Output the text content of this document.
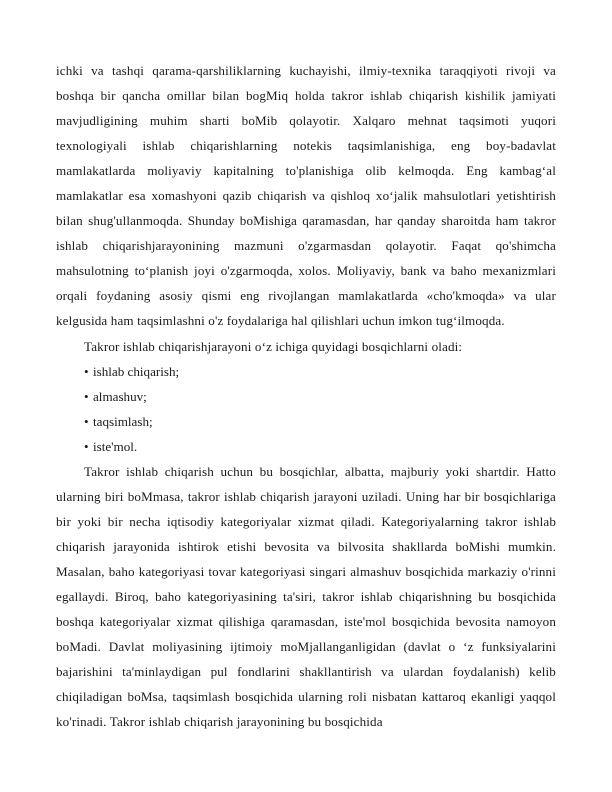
ichki va tashqi qarama-qarshiliklarning kuchayishi, ilmiy-texnika taraqqiyoti rivoji va boshqa bir qancha omillar bilan bogMiq holda takror ishlab chiqarish kishilik jamiyati mavjudligining muhim sharti boMib qolayotir. Xalqaro mehnat taqsimoti yuqori texnologiyali ishlab chiqarishlarning notekis taqsimlanishiga, eng boy-badavlat mamlakatlarda moliyaviy kapitalning to'planishiga olib kelmoqda. Eng kambagʻal mamlakatlar esa xomashyoni qazib chiqarish va qishloq xoʻjalik mahsulotlari yetishtirish bilan shug'ullanmoqda. Shunday boMishiga qaramasdan, har qanday sharoitda ham takror ishlab chiqarishjarayonining mazmuni o'zgarmasdan qolayotir. Faqat qo'shimcha mahsulotning toʻplanish joyi o'zgarmoqda, xolos. Moliyaviy, bank va baho mexanizmlari orqali foydaning asosiy qismi eng rivojlangan mamlakatlarda «cho'kmoqda» va ular kelgusida ham taqsimlashni o'z foydalariga hal qilishlari uchun imkon tugʻilmoqda.

Takror ishlab chiqarishjarayoni oʻz ichiga quyidagi bosqichlarni oladi:

• ishlab chiqarish;
• almashuv;
• taqsimlash;
• iste'mol.

Takror ishlab chiqarish uchun bu bosqichlar, albatta, majburiy yoki shartdir. Hatto ularning biri boMmasa, takror ishlab chiqarish jarayoni uziladi. Uning har bir bosqichlariga bir yoki bir necha iqtisodiy kategoriyalar xizmat qiladi. Kategoriyalarning takror ishlab chiqarish jarayonida ishtirok etishi bevosita va bilvosita shakllarda boMishi mumkin. Masalan, baho kategoriyasi tovar kategoriyasi singari almashuv bosqichida markaziy o'rinni egallaydi. Biroq, baho kategoriyasining ta'siri, takror ishlab chiqarishning bu bosqichida boshqa kategoriyalar xizmat qilishiga qaramasdan, iste'mol bosqichida bevosita namoyon boMadi. Davlat moliyasining ijtimoiy moMjallanganligidan (davlat o ʻz funksiyalarini bajarishini ta'minlaydigan pul fondlarini shakllantirish va ulardan foydalanish) kelib chiqiladigan boMsa, taqsimlash bosqichida ularning roli nisbatan kattaroq ekanligi yaqqol ko'rinadi. Takror ishlab chiqarish jarayonining bu bosqichida
